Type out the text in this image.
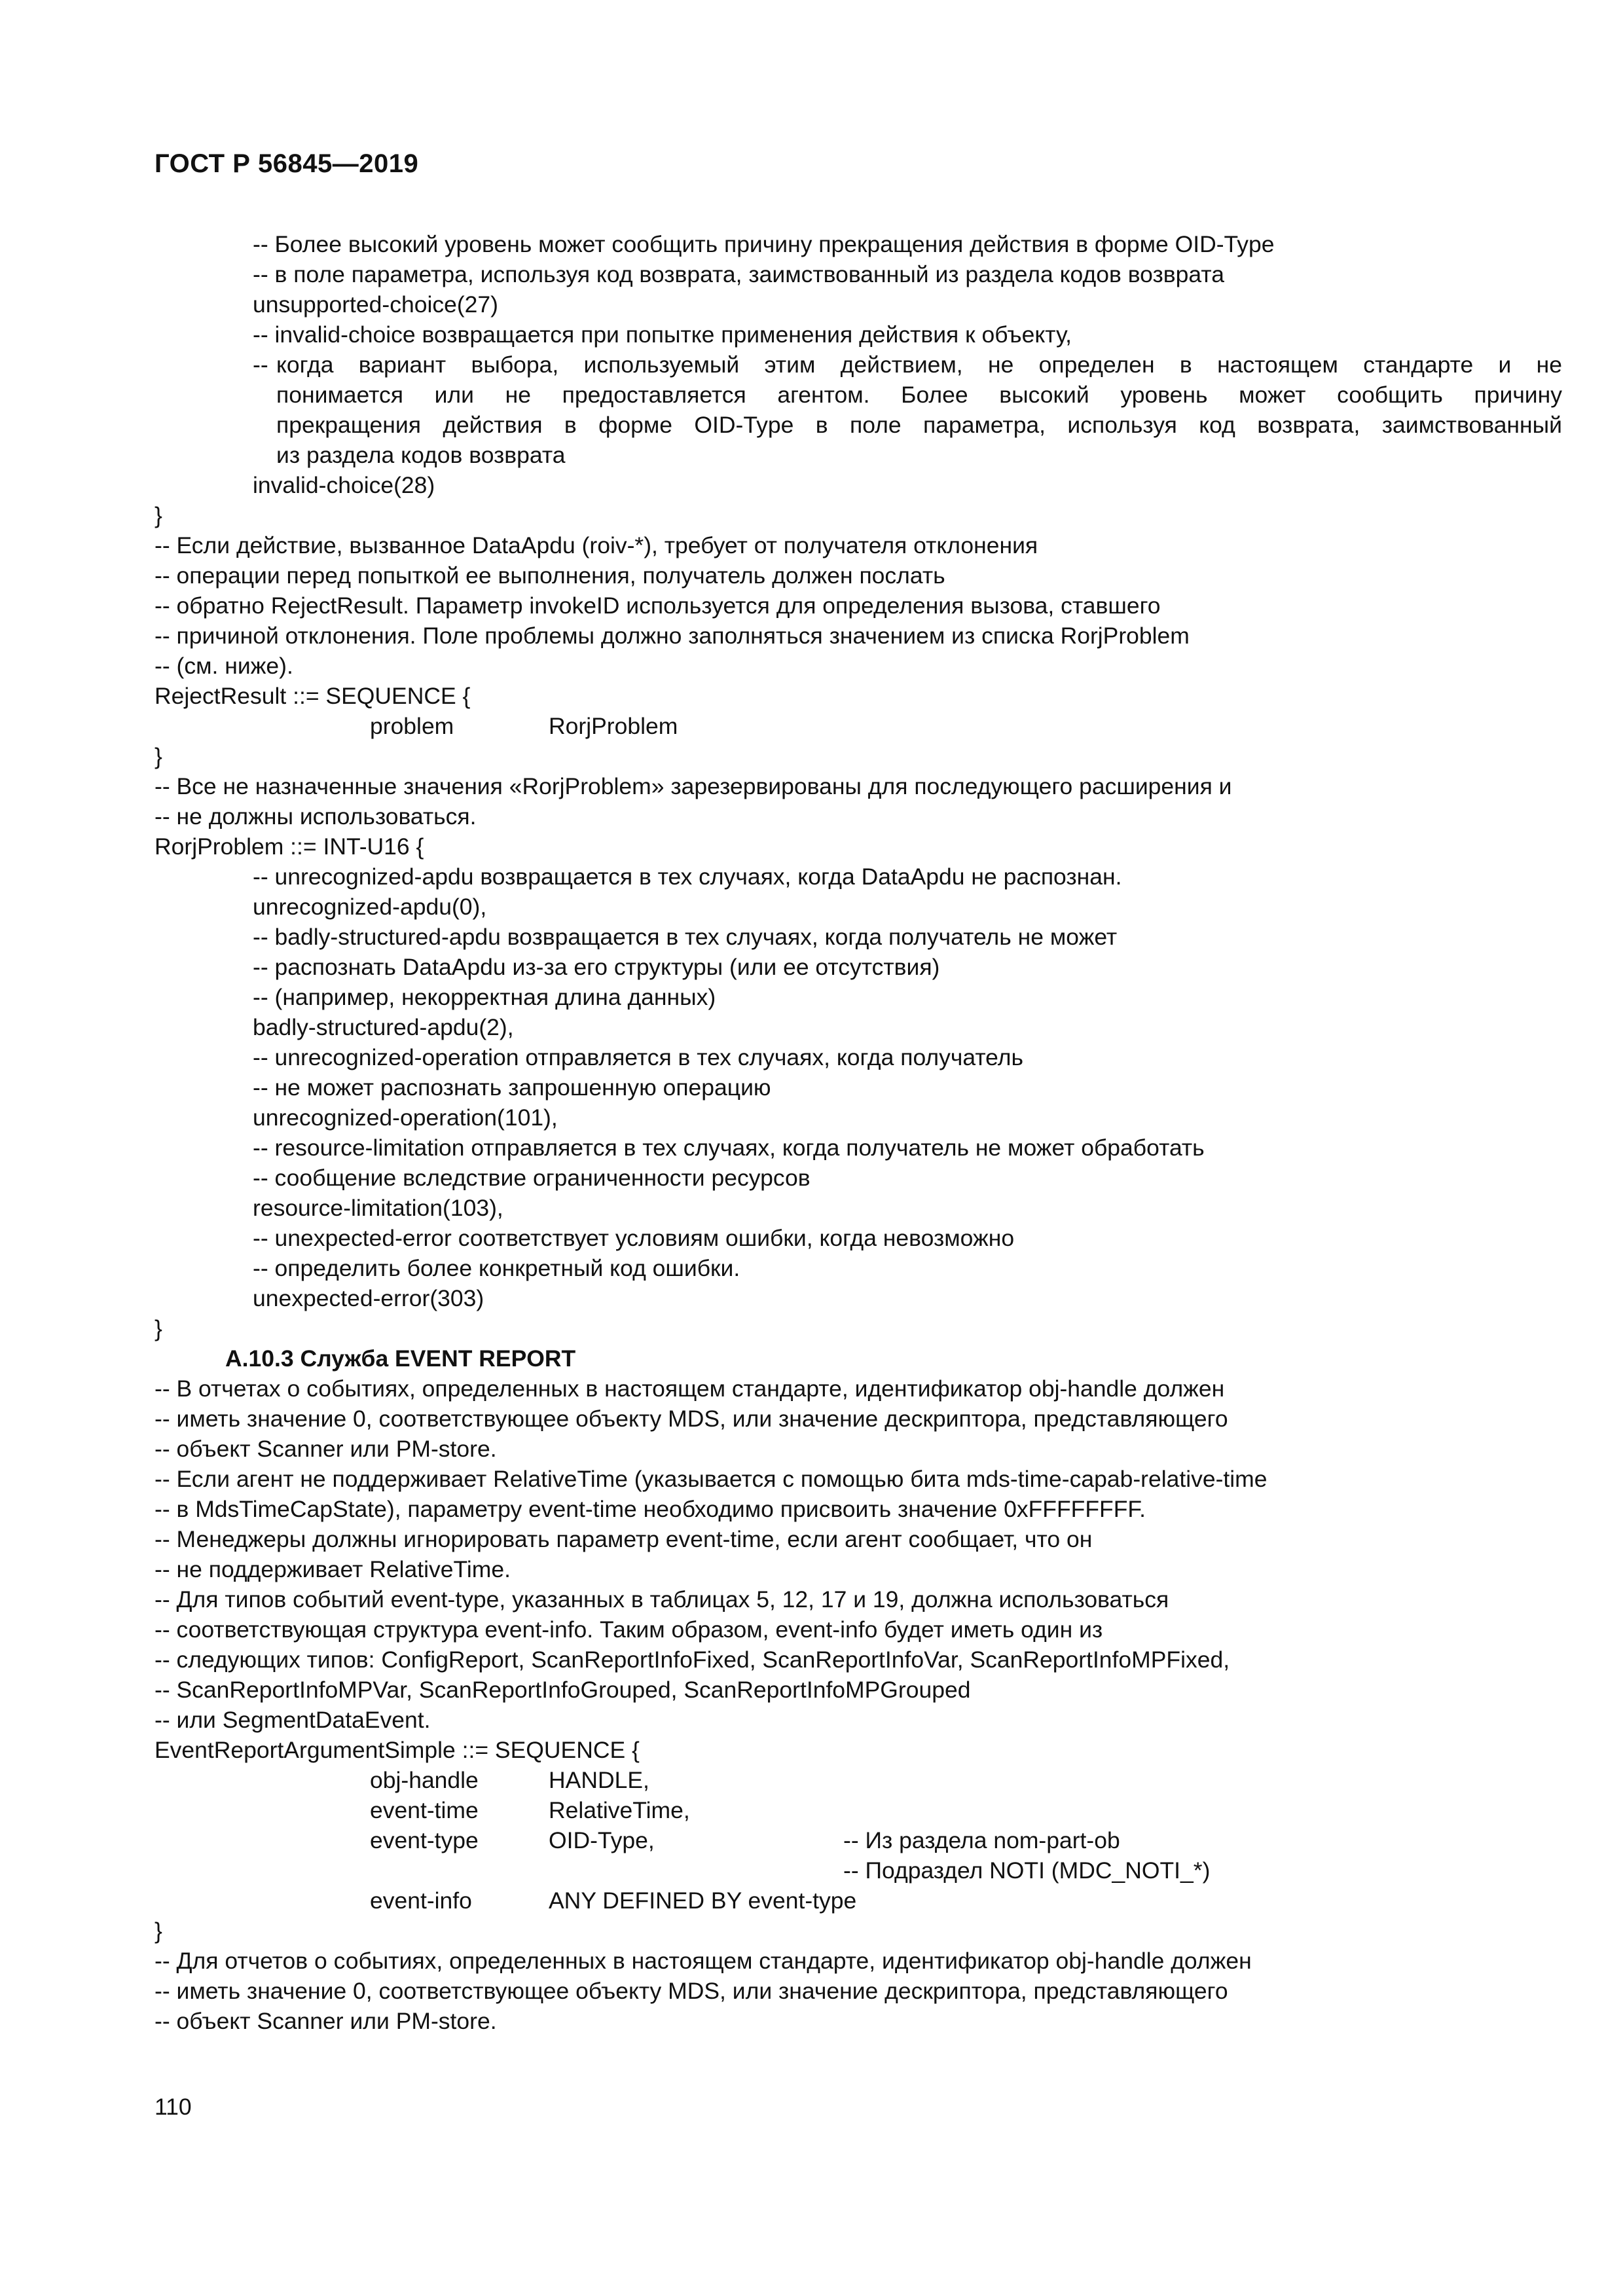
ГОСТ Р 56845—2019
-- Более высокий уровень может сообщить причину прекращения действия в форме OID-Type
-- в поле параметра, используя код возврата, заимствованный из раздела кодов возврата
unsupported-choice(27)
-- invalid-choice возвращается при попытке применения действия к объекту,
-- когда вариант выбора, используемый этим действием, не определен в настоящем стандарте и не
понимается или не предоставляется агентом. Более высокий уровень может сообщить причину
прекращения действия в форме OID-Type в поле параметра, используя код возврата, заимствованный
из раздела кодов возврата
invalid-choice(28)
}
-- Если действие, вызванное DataApdu (roiv-*), требует от получателя отклонения
-- операции перед попыткой ее выполнения, получатель должен послать
-- обратно RejectResult. Параметр invokeID используется для определения вызова, ставшего
-- причиной отклонения. Поле проблемы должно заполняться значением из списка RorjProblem
-- (см. ниже).
RejectResult ::= SEQUENCE {
problem	RorjProblem
}
-- Все не назначенные значения «RorjProblem» зарезервированы для последующего расширения и
-- не должны использоваться.
RorjProblem ::= INT-U16 {
-- unrecognized-apdu возвращается в тех случаях, когда DataApdu не распознан.
unrecognized-apdu(0),
-- badly-structured-apdu возвращается в тех случаях, когда получатель не может
-- распознать DataApdu из-за его структуры (или ее отсутствия)
-- (например, некорректная длина данных)
badly-structured-apdu(2),
-- unrecognized-operation отправляется в тех случаях, когда получатель
-- не может распознать запрошенную операцию
unrecognized-operation(101),
-- resource-limitation отправляется в тех случаях, когда получатель не может обработать
-- сообщение вследствие ограниченности ресурсов
resource-limitation(103),
-- unexpected-error соответствует условиям ошибки, когда невозможно
-- определить более конкретный код ошибки.
unexpected-error(303)
}
А.10.3 Служба EVENT REPORT
-- В отчетах о событиях, определенных в настоящем стандарте, идентификатор obj-handle должен
-- иметь значение 0, соответствующее объекту MDS, или значение дескриптора, представляющего
-- объект Scanner или PM-store.
-- Если агент не поддерживает RelativeTime (указывается с помощью бита mds-time-capab-relative-time
-- в MdsTimeCapState), параметру event-time необходимо присвоить значение 0xFFFFFFFF.
-- Менеджеры должны игнорировать параметр event-time, если агент сообщает, что он
-- не поддерживает RelativeTime.
-- Для типов событий event-type, указанных в таблицах 5, 12, 17 и 19, должна использоваться
-- соответствующая структура event-info. Таким образом, event-info будет иметь один из
-- следующих типов: ConfigReport, ScanReportInfoFixed, ScanReportInfoVar, ScanReportInfoMPFixed,
-- ScanReportInfoMPVar, ScanReportInfoGrouped, ScanReportInfoMPGrouped
-- или SegmentDataEvent.
EventReportArgumentSimple ::= SEQUENCE {
obj-handle	HANDLE,
event-time	RelativeTime,
event-type	OID-Type,	-- Из раздела nom-part-ob
-- Подраздел NOTI (MDC_NOTI_*)
event-info	ANY DEFINED BY event-type
}
-- Для отчетов о событиях, определенных в настоящем стандарте, идентификатор obj-handle должен
-- иметь значение 0, соответствующее объекту MDS, или значение дескриптора, представляющего
-- объект Scanner или PM-store.
110
